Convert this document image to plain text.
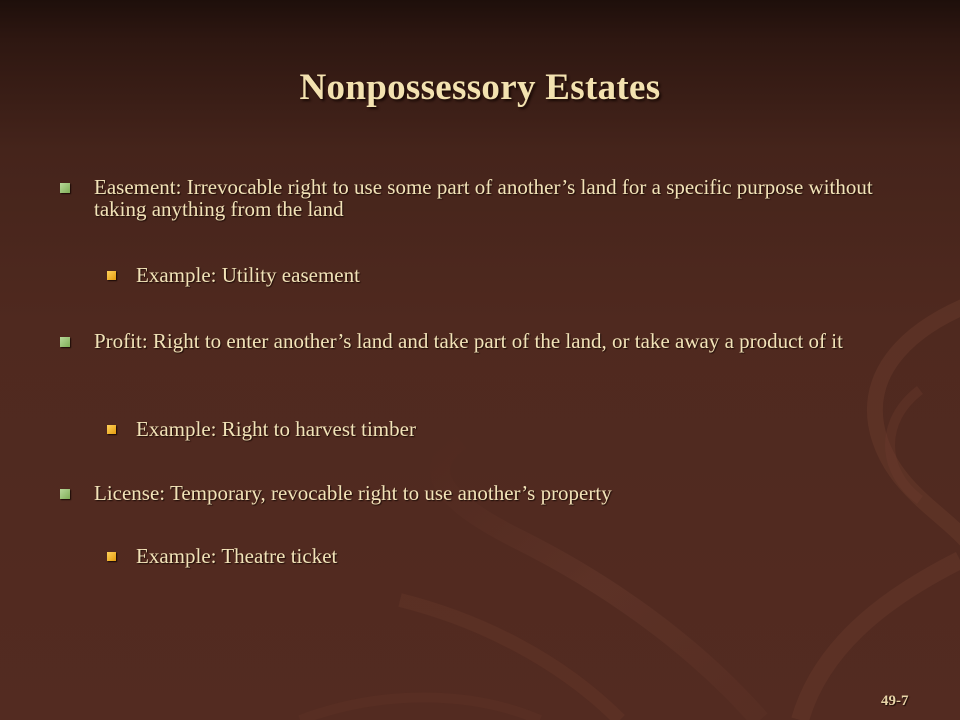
Nonpossessory Estates
Easement: Irrevocable right to use some part of another’s land for a specific purpose without taking anything from the land
Example: Utility easement
Profit: Right to enter another’s land and take part of the land, or take away a product of it
Example: Right to harvest timber
License: Temporary, revocable right to use another’s property
Example: Theatre ticket
49-7
